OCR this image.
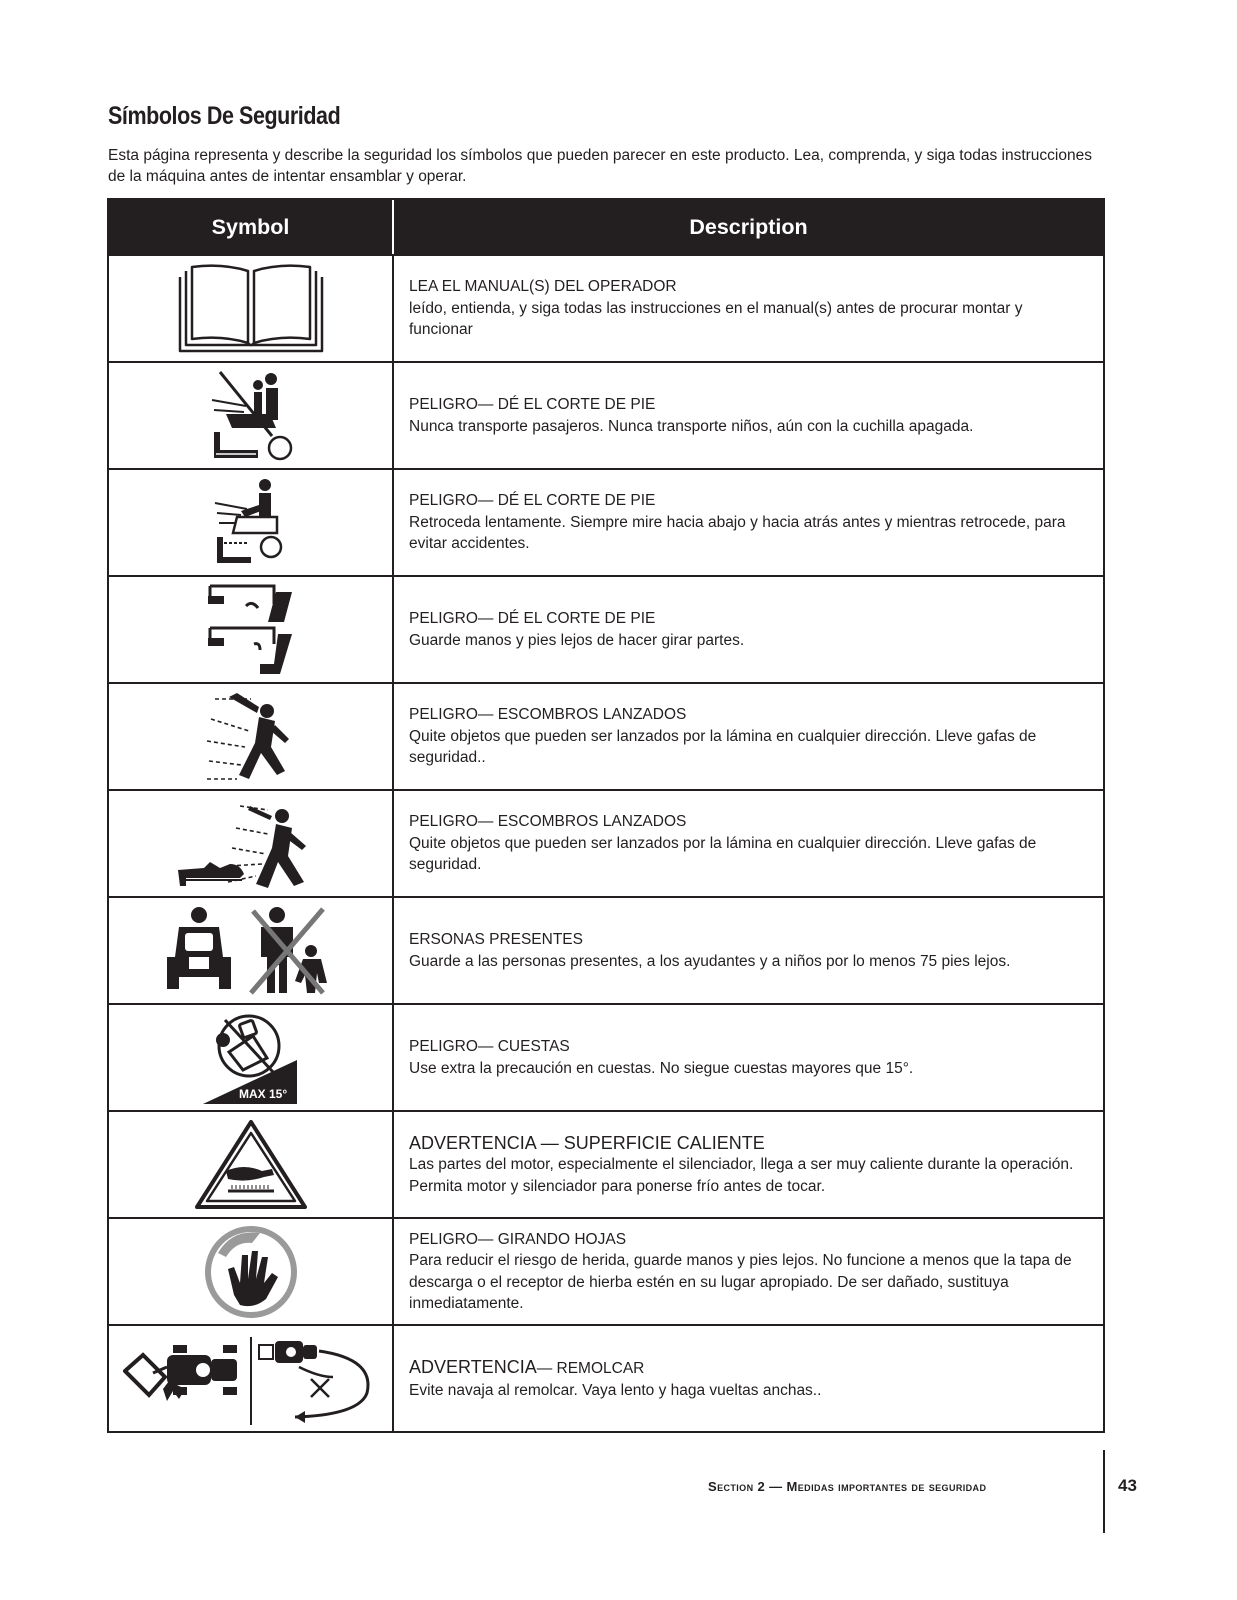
Símbolos De Seguridad
Esta página representa y describe la seguridad los símbolos que pueden parecer en este producto. Lea, comprenda, y siga todas instrucciones de la máquina antes de intentar ensamblar y operar.
Symbol	Description
LEA EL MANUAL(S) DEL OPERADOR
leído, entienda, y siga todas las instrucciones en el manual(s) antes de procurar montar y funcionar
PELIGRO— DÉ EL CORTE DE PIE
Nunca transporte pasajeros. Nunca transporte niños, aún con la cuchilla apagada.
PELIGRO— DÉ EL CORTE DE PIE
Retroceda lentamente. Siempre mire hacia abajo y hacia atrás antes y mientras retrocede, para evitar accidentes.
PELIGRO— DÉ EL CORTE DE PIE
Guarde manos y pies lejos de hacer girar partes.
PELIGRO— ESCOMBROS LANZADOS
Quite objetos que pueden ser lanzados por la lámina en cualquier dirección. Lleve gafas de seguridad..
PELIGRO— ESCOMBROS LANZADOS
Quite objetos que pueden ser lanzados por la lámina en cualquier dirección. Lleve gafas de seguridad.
ERSONAS PRESENTES
Guarde a las personas presentes, a los ayudantes y a niños por lo menos 75 pies lejos.
MAX 15°
PELIGRO— CUESTAS
Use extra la precaución en cuestas. No siegue cuestas mayores que 15°.
ADVERTENCIA — SUPERFICIE CALIENTE
Las partes del motor, especialmente el silenciador, llega a ser muy caliente durante la operación. Permita motor y silenciador para ponerse frío antes de tocar.
PELIGRO— GIRANDO HOJAS
Para reducir el riesgo de herida, guarde manos y pies lejos. No funcione a menos que la tapa de descarga o el receptor de hierba estén en su lugar apropiado. De ser dañado, sustituya inmediatamente.
ADVERTENCIA— REMOLCAR
Evite navaja al remolcar. Vaya lento y haga vueltas anchas..
Section 2 — Medidas importantes de seguridad	43
